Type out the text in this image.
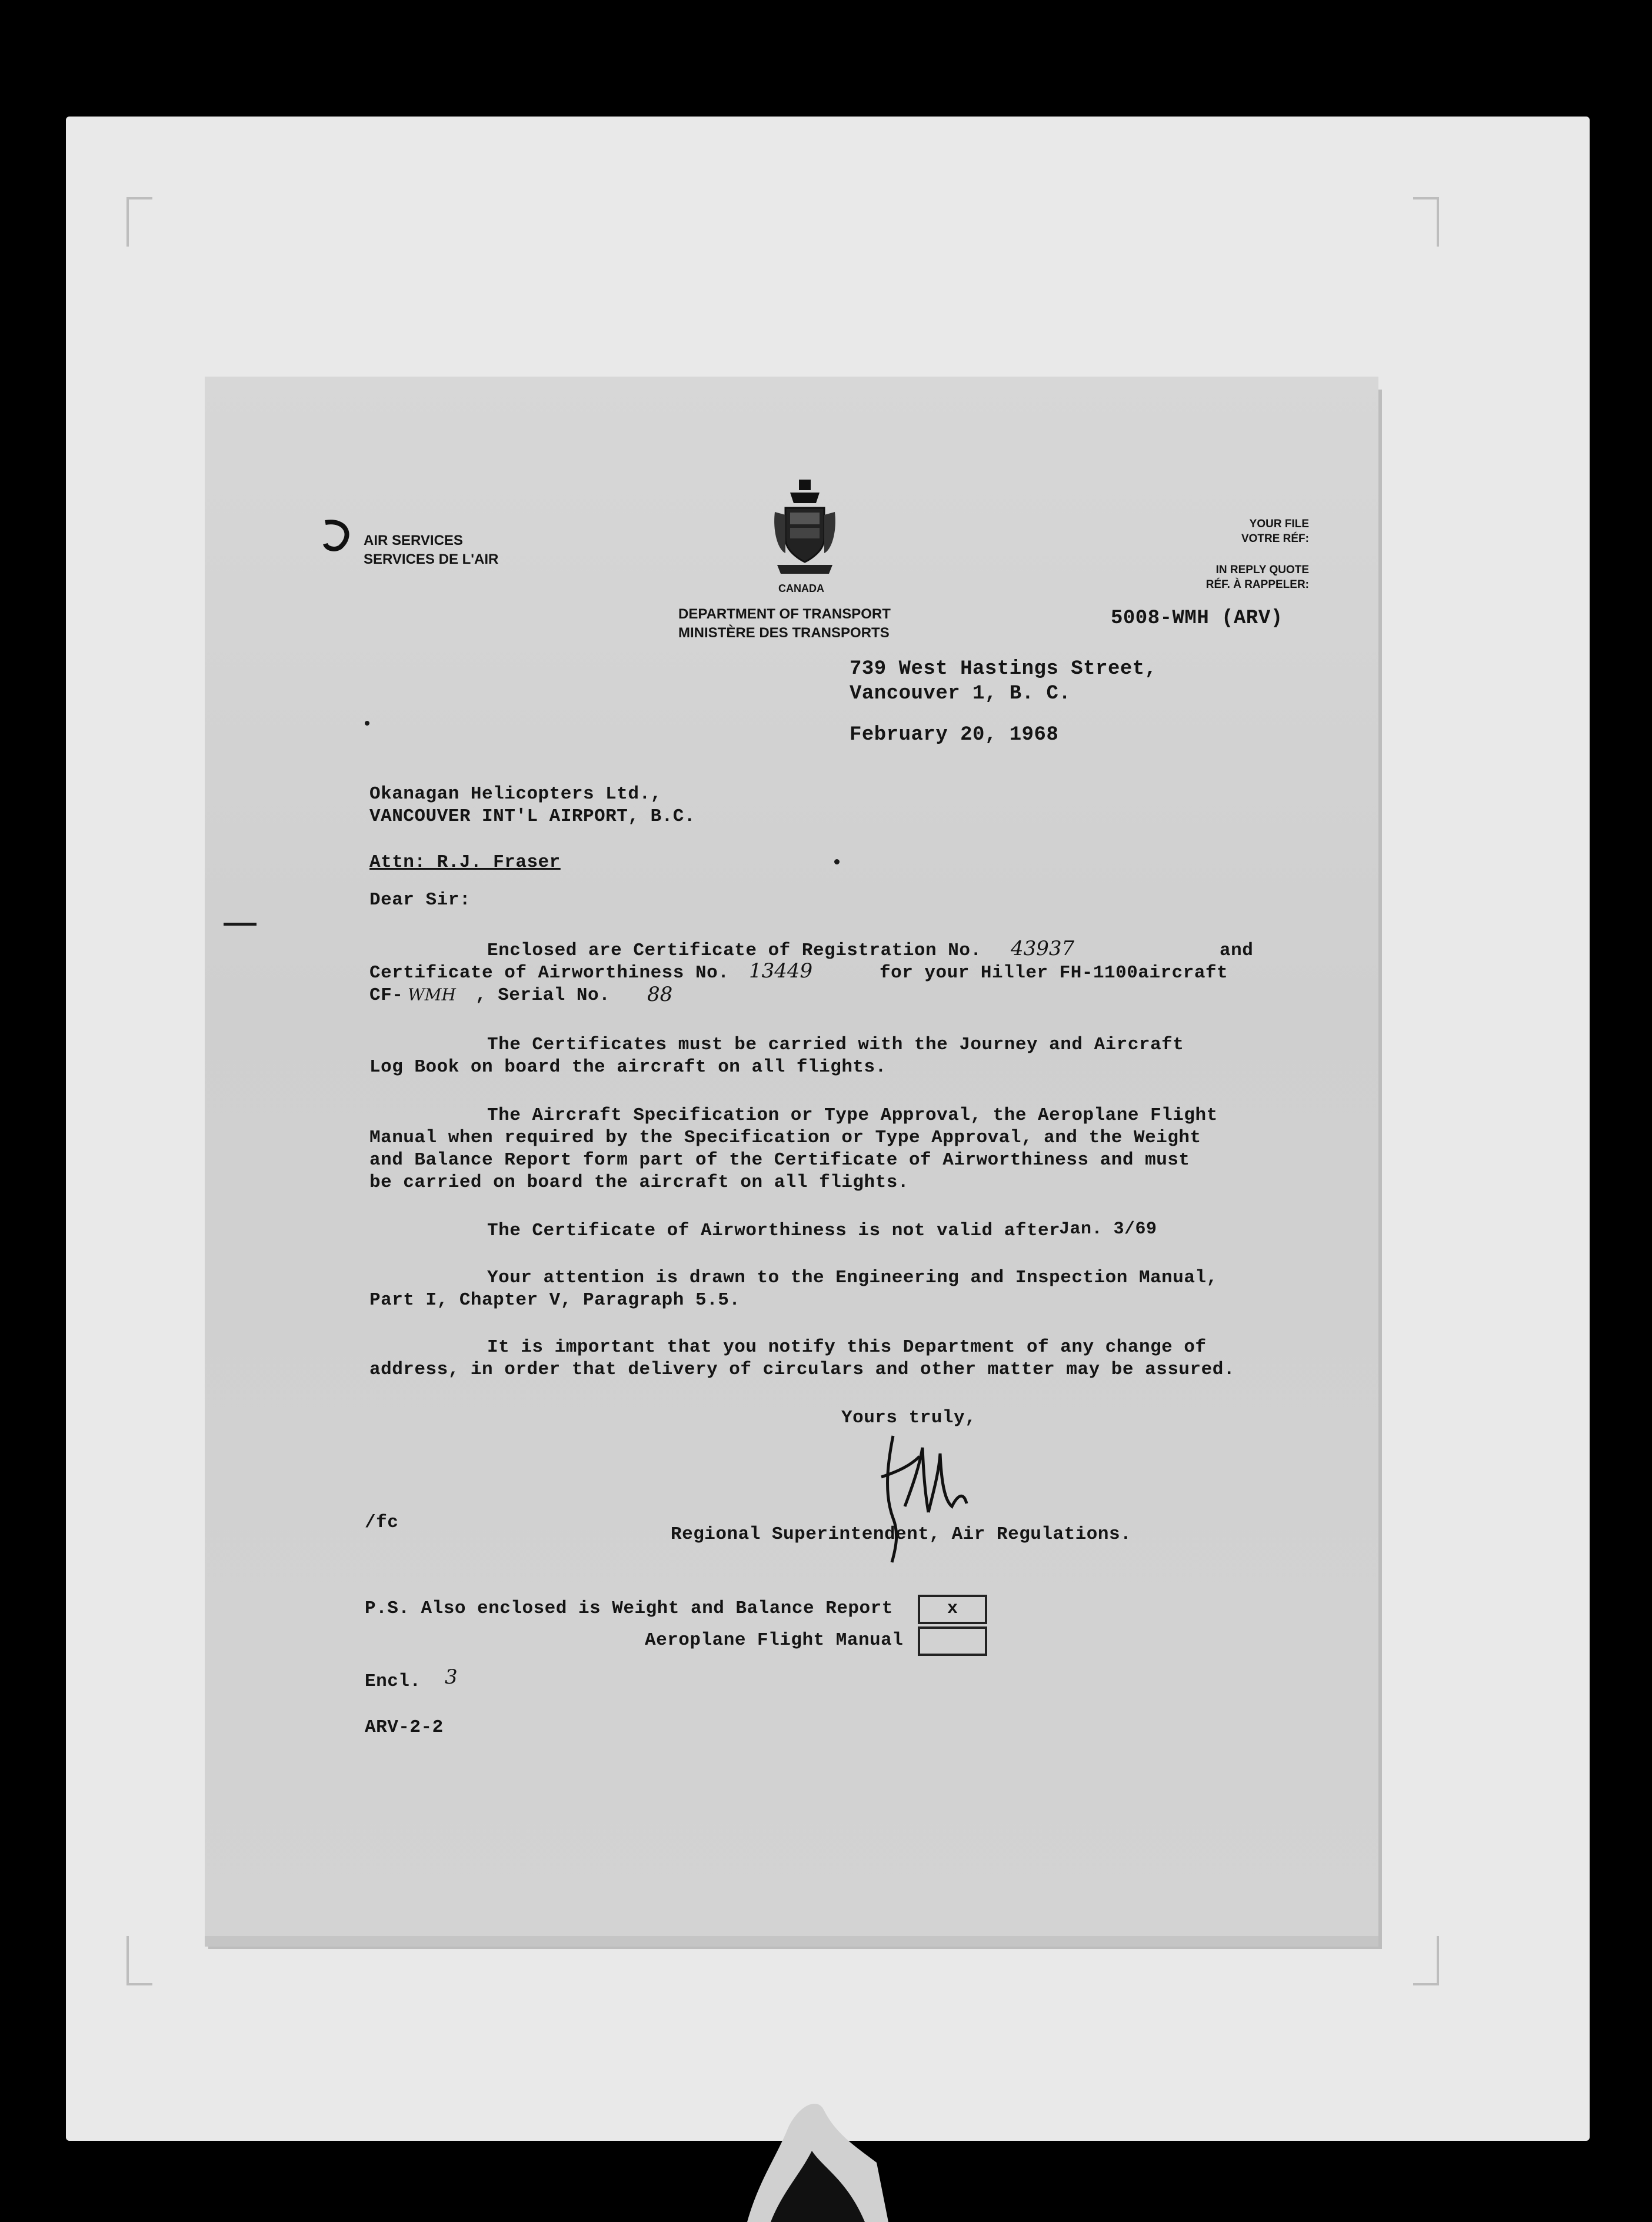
AIR SERVICES
SERVICES DE L'AIR
CANADA
DEPARTMENT OF TRANSPORT
MINISTÈRE DES TRANSPORTS
YOUR FILE
VOTRE RÉF:
IN REPLY QUOTE
RÉF. À RAPPELER:
5008-WMH (ARV)
739 West Hastings Street,
Vancouver 1, B. C.
February 20, 1968
Okanagan Helicopters Ltd.,
VANCOUVER INT'L AIRPORT, B.C.
Attn: R.J. Fraser
Dear Sir:
Enclosed are Certificate of Registration No. 43937	and
Certificate of Airworthiness No. 13449	for your Hiller FH-1100aircraft
CF- WMH , Serial No. 88
The Certificates must be carried with the Journey and Aircraft
Log Book on board the aircraft on all flights.
The Aircraft Specification or Type Approval, the Aeroplane Flight
Manual when required by the Specification or Type Approval, and the Weight
and Balance Report form part of the Certificate of Airworthiness and must
be carried on board the aircraft on all flights.
The Certificate of Airworthiness is not valid after
Jan. 3/69
Your attention is drawn to the Engineering and Inspection Manual,
Part I, Chapter V, Paragraph 5.5.
It is important that you notify this Department of any change of
address, in order that delivery of circulars and other matter may be assured.
Yours truly,
/fc
Regional Superintendent, Air Regulations.
P.S. Also enclosed is Weight and Balance Report	x
Aeroplane Flight Manual
Encl. 3
ARV-2-2
